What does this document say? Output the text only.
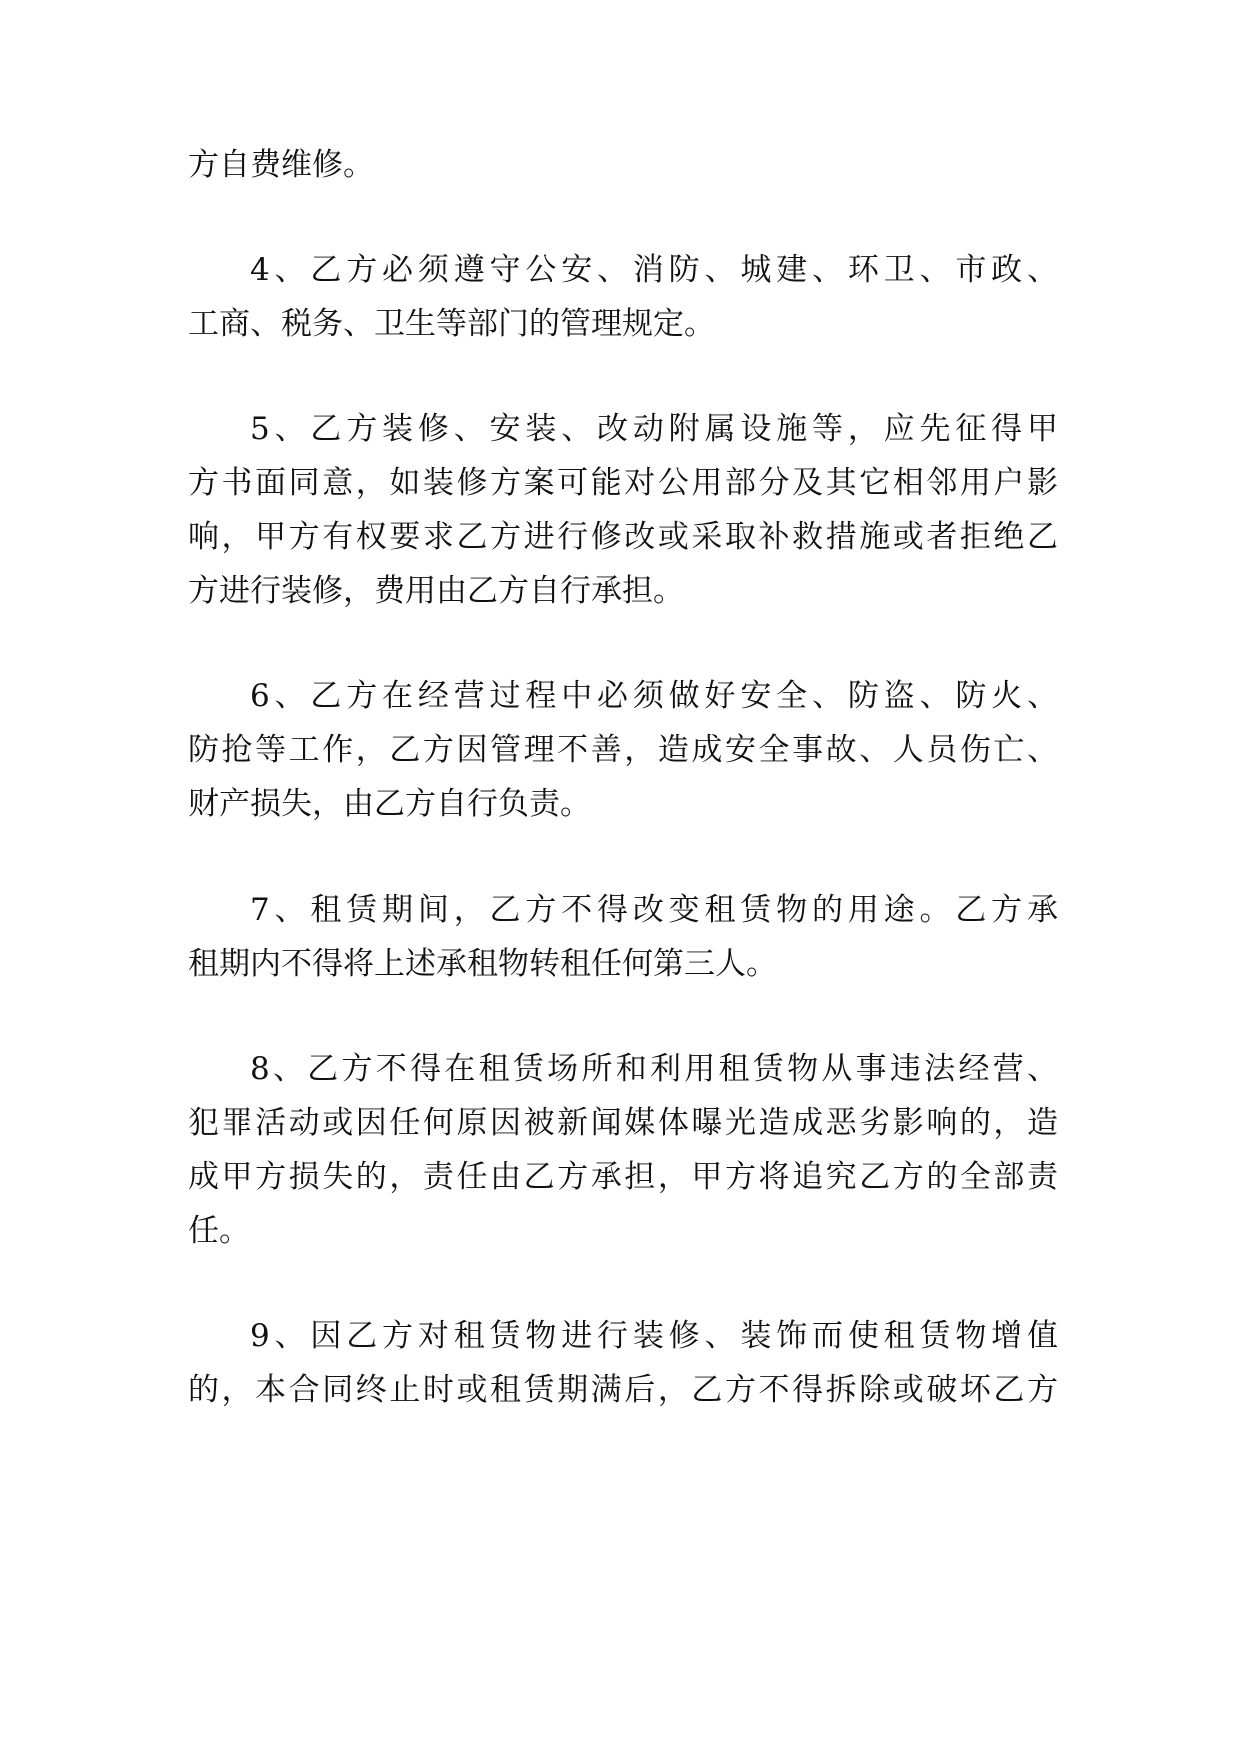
方自费维修。
4、乙方必须遵守公安、消防、城建、环卫、市政、
工商、税务、卫生等部门的管理规定。
5、乙方装修、安装、改动附属设施等，应先征得甲
方书面同意，如装修方案可能对公用部分及其它相邻用户影
响，甲方有权要求乙方进行修改或采取补救措施或者拒绝乙
方进行装修，费用由乙方自行承担。
6、乙方在经营过程中必须做好安全、防盗、防火、
防抢等工作，乙方因管理不善，造成安全事故、人员伤亡、
财产损失，由乙方自行负责。
7、租赁期间，乙方不得改变租赁物的用途。乙方承
租期内不得将上述承租物转租任何第三人。
8、乙方不得在租赁场所和利用租赁物从事违法经营、
犯罪活动或因任何原因被新闻媒体曝光造成恶劣影响的，造
成甲方损失的，责任由乙方承担，甲方将追究乙方的全部责
任。
9、因乙方对租赁物进行装修、装饰而使租赁物增值
的，本合同终止时或租赁期满后，乙方不得拆除或破坏乙方
